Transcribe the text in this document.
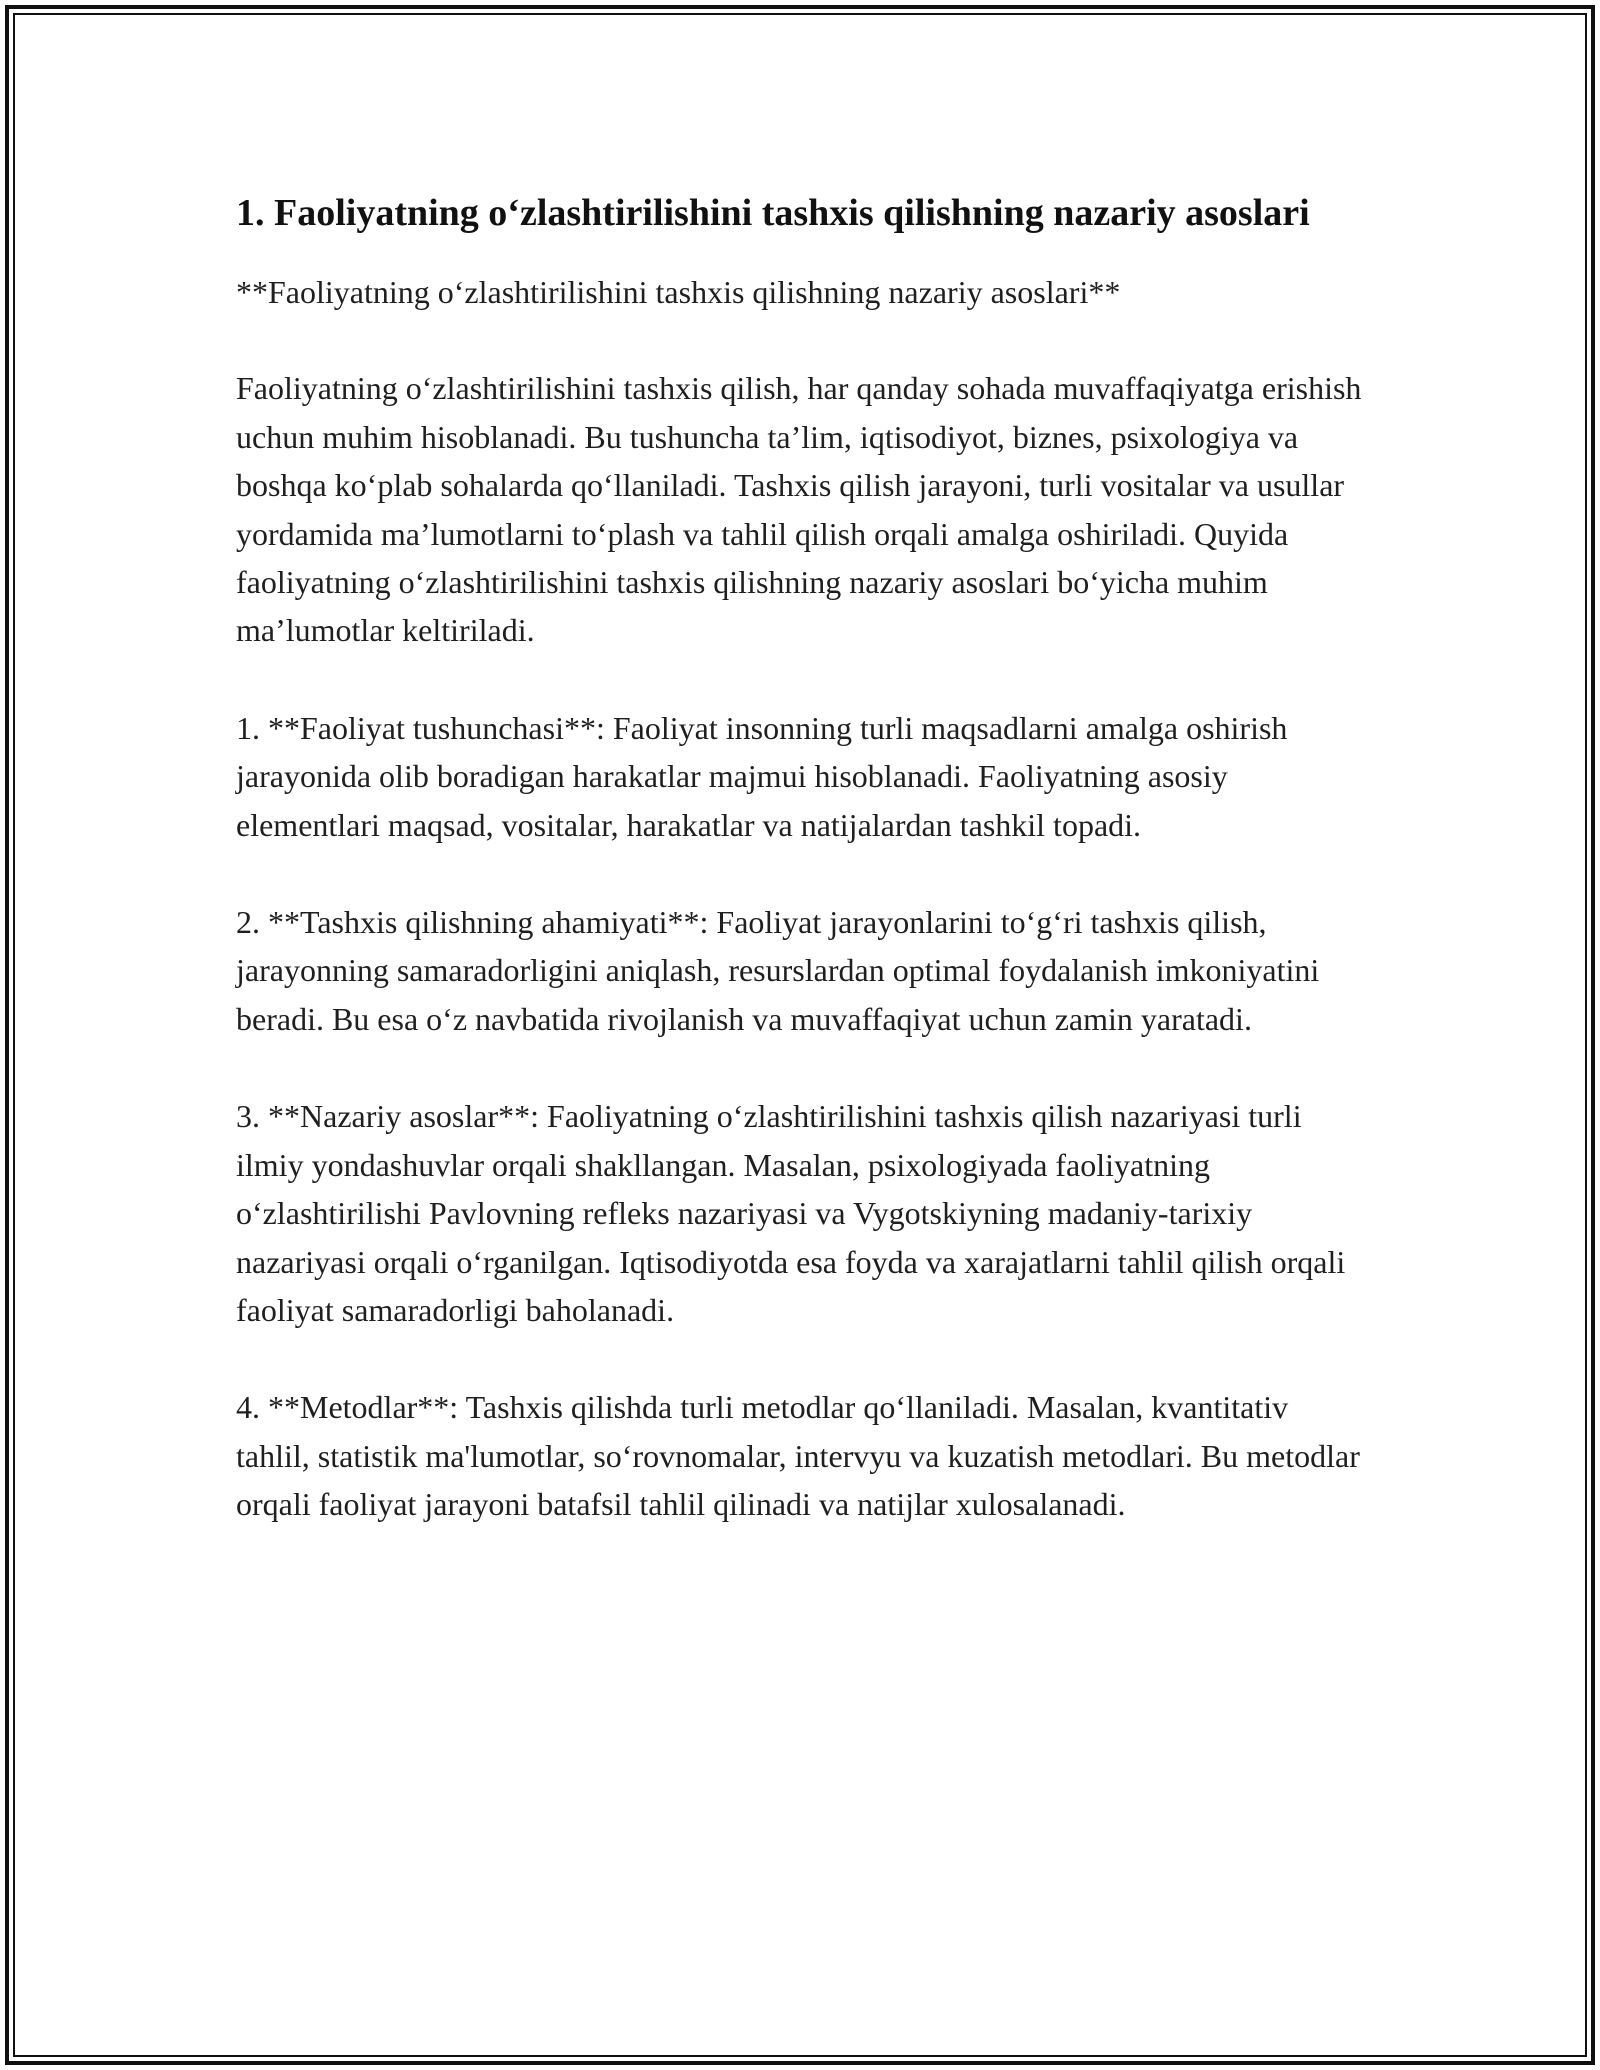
1. Faoliyatning o‘zlashtirilishini tashxis qilishning nazariy asoslari

**Faoliyatning o‘zlashtirilishini tashxis qilishning nazariy asoslari**

Faoliyatning o‘zlashtirilishini tashxis qilish, har qanday sohada muvaffaqiyatga erishish uchun muhim hisoblanadi. Bu tushuncha ta’lim, iqtisodiyot, biznes, psixologiya va boshqa ko‘plab sohalarda qo‘llaniladi. Tashxis qilish jarayoni, turli vositalar va usullar yordamida ma’lumotlarni to‘plash va tahlil qilish orqali amalga oshiriladi. Quyida faoliyatning o‘zlashtirilishini tashxis qilishning nazariy asoslari bo‘yicha muhim ma’lumotlar keltiriladi.

1. **Faoliyat tushunchasi**: Faoliyat insonning turli maqsadlarni amalga oshirish jarayonida olib boradigan harakatlar majmui hisoblanadi. Faoliyatning asosiy elementlari maqsad, vositalar, harakatlar va natijalardan tashkil topadi.

2. **Tashxis qilishning ahamiyati**: Faoliyat jarayonlarini to‘g‘ri tashxis qilish, jarayonning samaradorligini aniqlash, resurslardan optimal foydalanish imkoniyatini beradi. Bu esa o‘z navbatida rivojlanish va muvaffaqiyat uchun zamin yaratadi.

3. **Nazariy asoslar**: Faoliyatning o‘zlashtirilishini tashxis qilish nazariyasi turli ilmiy yondashuvlar orqali shakllangan. Masalan, psixologiyada faoliyatning o‘zlashtirilishi Pavlovning refleks nazariyasi va Vygotskiyning madaniy-tarixiy nazariyasi orqali o‘rganilgan. Iqtisodiyotda esa foyda va xarajatlarni tahlil qilish orqali faoliyat samaradorligi baholanadi.

4. **Metodlar**: Tashxis qilishda turli metodlar qo‘llaniladi. Masalan, kvantitativ tahlil, statistik ma'lumotlar, so‘rovnomalar, intervyu va kuzatish metodlari. Bu metodlar orqali faoliyat jarayoni batafsil tahlil qilinadi va natijlar xulosalanadi.
